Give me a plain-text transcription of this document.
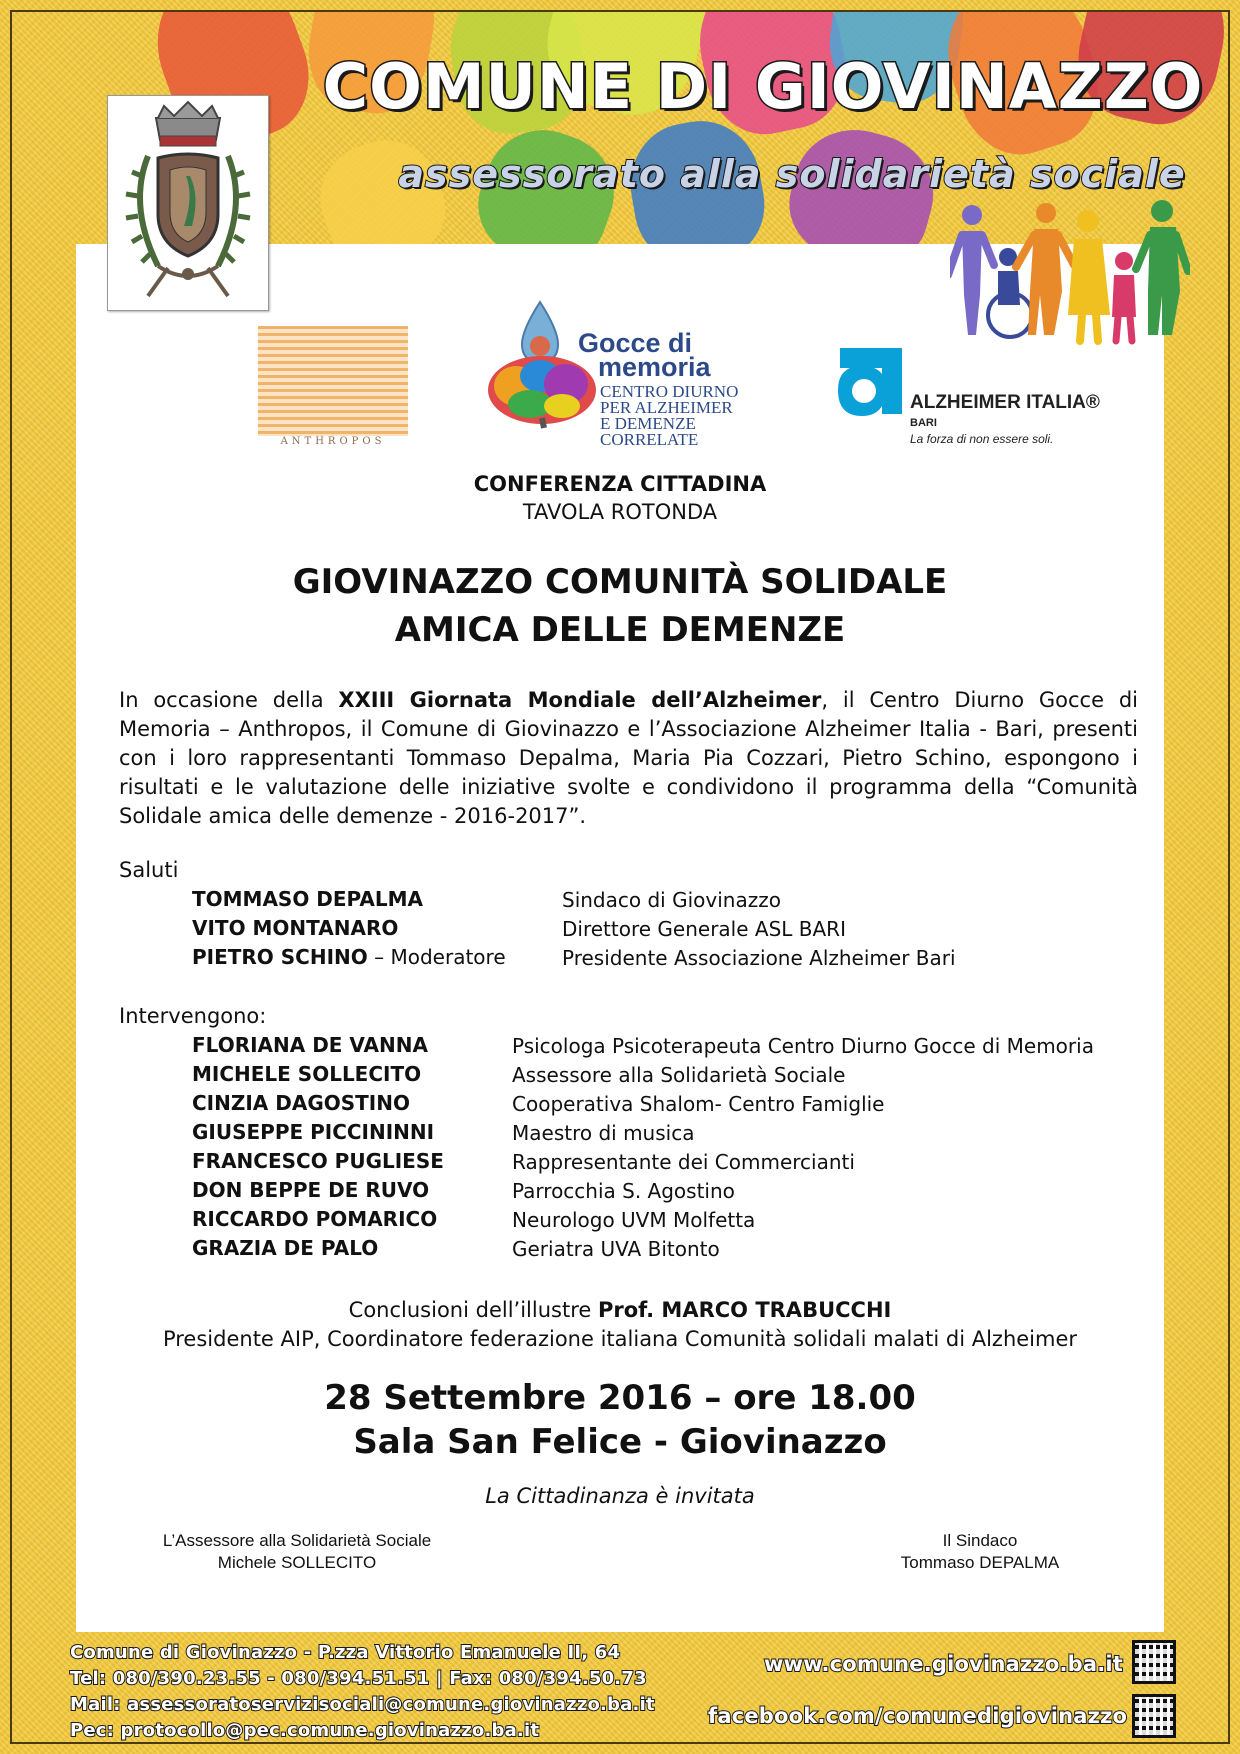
COMUNE DI GIOVINAZZO
assessorato alla solidarietà sociale
ANTHROPOS
Gocce di
memoria
CENTRO DIURNO
PER ALZHEIMER
E DEMENZE
CORRELATE
ALZHEIMER ITALIA®
BARI
La forza di non essere soli.
CONFERENZA CITTADINA
TAVOLA ROTONDA
GIOVINAZZO COMUNITÀ SOLIDALE
AMICA DELLE DEMENZE
In occasione della XXIII Giornata Mondiale dell’Alzheimer, il Centro Diurno Gocce di Memoria – Anthropos, il Comune di Giovinazzo e l’Associazione Alzheimer Italia - Bari, presenti con i loro rappresentanti Tommaso Depalma, Maria Pia Cozzari, Pietro Schino, espongono i risultati e le valutazione delle iniziative svolte e condividono il programma della “Comunità Solidale amica delle demenze - 2016-2017”.
Saluti
TOMMASO DEPALMA	Sindaco di Giovinazzo
VITO MONTANARO	Direttore Generale ASL BARI
PIETRO SCHINO – Moderatore	Presidente Associazione Alzheimer Bari
Intervengono:
FLORIANA DE VANNA	Psicologa Psicoterapeuta Centro Diurno Gocce di Memoria
MICHELE SOLLECITO	Assessore alla Solidarietà Sociale
CINZIA DAGOSTINO	Cooperativa Shalom- Centro Famiglie
GIUSEPPE PICCININNI	Maestro di musica
FRANCESCO PUGLIESE	Rappresentante dei Commercianti
DON BEPPE DE RUVO	Parrocchia S. Agostino
RICCARDO POMARICO	Neurologo UVM Molfetta
GRAZIA DE PALO	Geriatra UVA Bitonto
Conclusioni dell’illustre Prof. MARCO TRABUCCHI
Presidente AIP, Coordinatore federazione italiana Comunità solidali malati di Alzheimer
28 Settembre 2016 – ore 18.00
Sala San Felice - Giovinazzo
La Cittadinanza è invitata
L’Assessore alla Solidarietà Sociale
Michele SOLLECITO
Il Sindaco
Tommaso DEPALMA
Comune di Giovinazzo - P.zza Vittorio Emanuele II, 64
Tel: 080/390.23.55 - 080/394.51.51 | Fax: 080/394.50.73
Mail: assessoratoservizisociali@comune.giovinazzo.ba.it
Pec: protocollo@pec.comune.giovinazzo.ba.it
www.comune.giovinazzo.ba.it
facebook.com/comunedigiovinazzo
